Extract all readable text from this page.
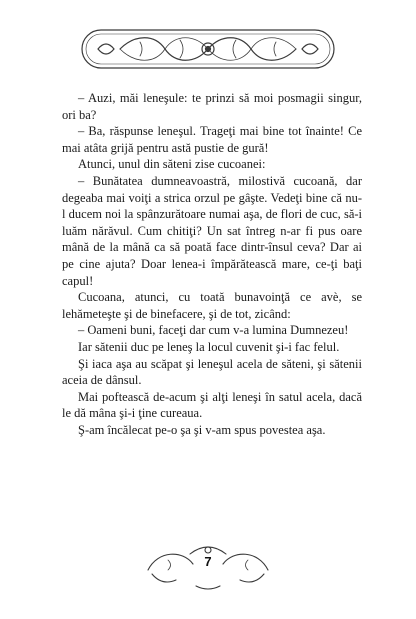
– Auzi, măi leneşule: te prinzi să moi posmagii singur, ori ba?

– Ba, răspunse leneşul. Trageţi mai bine tot înainte! Ce mai atâta grijă pentru astă pustie de gură!

Atunci, unul din săteni zise cucoanei:

– Bunătatea dumneavoastră, milostivă cucoană, dar degeaba mai voiţi a strica orzul pe gâşte. Vedeţi bine că nu-l ducem noi la spânzurătoare numai aşa, de flori de cuc, să-i luăm nărăvul. Cum chitiţi? Un sat întreg n-ar fi pus oare mână de la mână ca să poată face dintr-însul ceva? Dar ai pe cine ajuta? Doar lenea-i împărătească mare, ce-ţi baţi capul!

Cucoana, atunci, cu toată bunavoinţă ce avè, se lehămeteşte şi de binefacere, şi de tot, zicând:

– Oameni buni, faceţi dar cum v-a lumina Dumnezeu!

Iar sătenii duc pe leneş la locul cuvenit şi-i fac felul.

Şi iaca aşa au scăpat şi leneşul acela de săteni, şi sătenii aceia de dânsul.

Mai poftească de-acum şi alţi leneşi în satul acela, dacă le dă mâna şi-i ţine cureaua.

Ş-am încălecat pe-o şa şi v-am spus povestea aşa.

7
